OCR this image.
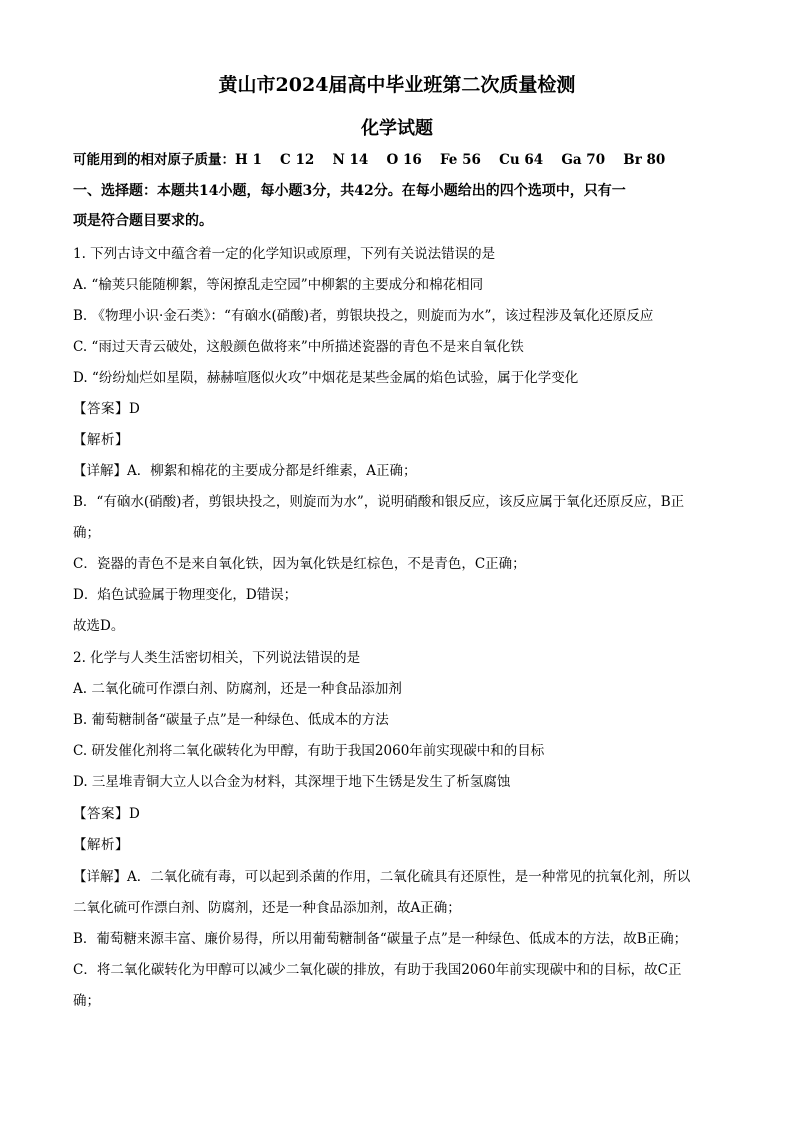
黄山市2024届高中毕业班第二次质量检测
化学试题
可能用到的相对原子质量：H 1　 C 12　 N 14　 O 16　 Fe 56　 Cu 64　 Ga 70　 Br 80
一、选择题：本题共14小题，每小题3分，共42分。在每小题给出的四个选项中，只有一
项是符合题目要求的。
1. 下列古诗文中蕴含着一定的化学知识或原理，下列有关说法错误的是
A. “榆荚只能随柳絮，等闲撩乱走空园”中柳絮的主要成分和棉花相同
B. 《物理小识·金石类》：“有硇水(硝酸)者，剪银块投之，则旋而为水”，该过程涉及氧化还原反应
C. “雨过天青云破处，这般颜色做将来”中所描述瓷器的青色不是来自氧化铁
D. “纷纷灿烂如星陨，赫赫喧豗似火攻”中烟花是某些金属的焰色试验，属于化学变化
【答案】D
【解析】
【详解】A．柳絮和棉花的主要成分都是纤维素，A正确；
B．“有硇水(硝酸)者，剪银块投之，则旋而为水”，说明硝酸和银反应，该反应属于氧化还原反应，B正
确；
C．瓷器的青色不是来自氧化铁，因为氧化铁是红棕色，不是青色，C正确；
D．焰色试验属于物理变化，D错误；
故选D。
2. 化学与人类生活密切相关，下列说法错误的是
A. 二氧化硫可作漂白剂、防腐剂，还是一种食品添加剂
B. 葡萄糖制备“碳量子点”是一种绿色、低成本的方法
C. 研发催化剂将二氧化碳转化为甲醇，有助于我国2060年前实现碳中和的目标
D. 三星堆青铜大立人以合金为材料，其深埋于地下生锈是发生了析氢腐蚀
【答案】D
【解析】
【详解】A．二氧化硫有毒，可以起到杀菌的作用，二氧化硫具有还原性，是一种常见的抗氧化剂，所以
二氧化硫可作漂白剂、防腐剂，还是一种食品添加剂，故A正确；
B．葡萄糖来源丰富、廉价易得，所以用葡萄糖制备“碳量子点”是一种绿色、低成本的方法，故B正确；
C．将二氧化碳转化为甲醇可以减少二氧化碳的排放，有助于我国2060年前实现碳中和的目标，故C正
确；
